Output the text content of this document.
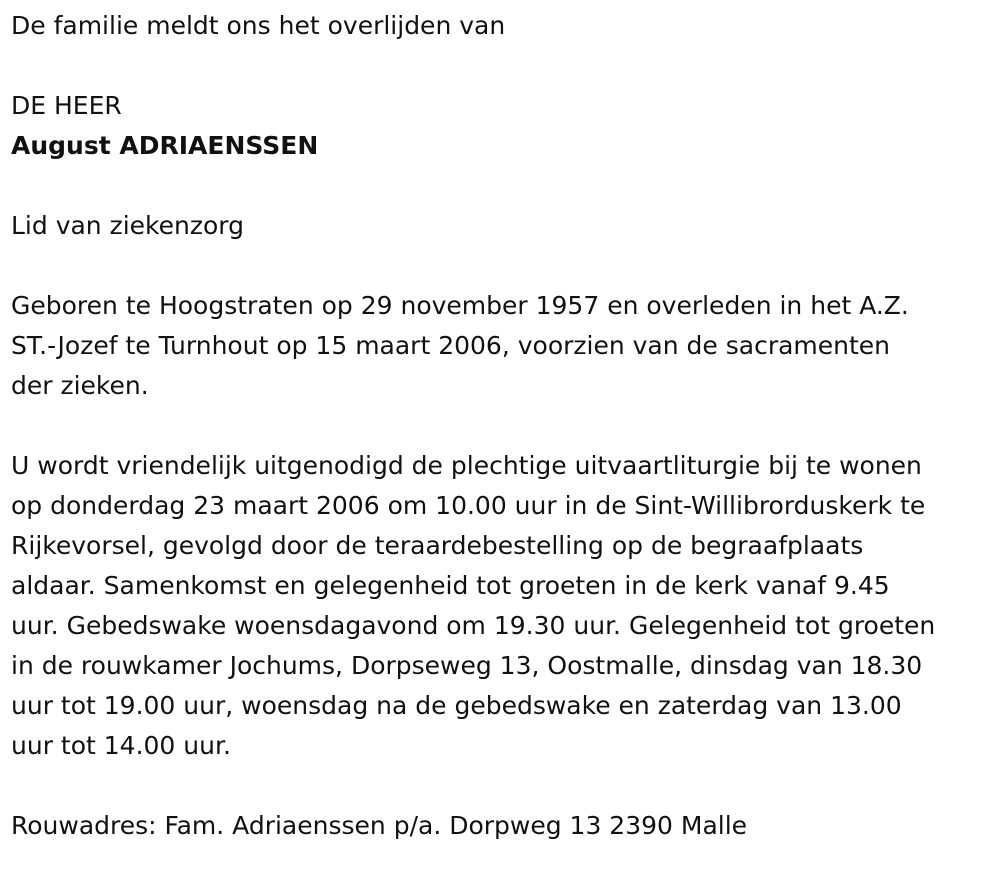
De familie meldt ons het overlijden van

DE HEER

August ADRIAENSSEN

Lid van ziekenzorg

Geboren te Hoogstraten op 29 november 1957 en overleden in het A.Z.

ST.-Jozef te Turnhout op 15 maart 2006, voorzien van de sacramenten

der zieken.

U wordt vriendelijk uitgenodigd de plechtige uitvaartliturgie bij te wonen

op donderdag 23 maart 2006 om 10.00 uur in de Sint-Willibrorduskerk te

Rijkevorsel, gevolgd door de teraardebestelling op de begraafplaats

aldaar. Samenkomst en gelegenheid tot groeten in de kerk vanaf 9.45

uur. Gebedswake woensdagavond om 19.30 uur. Gelegenheid tot groeten

in de rouwkamer Jochums, Dorpseweg 13, Oostmalle, dinsdag van 18.30

uur tot 19.00 uur, woensdag na de gebedswake en zaterdag van 13.00

uur tot 14.00 uur.

Rouwadres: Fam. Adriaenssen p/a. Dorpweg 13 2390 Malle
